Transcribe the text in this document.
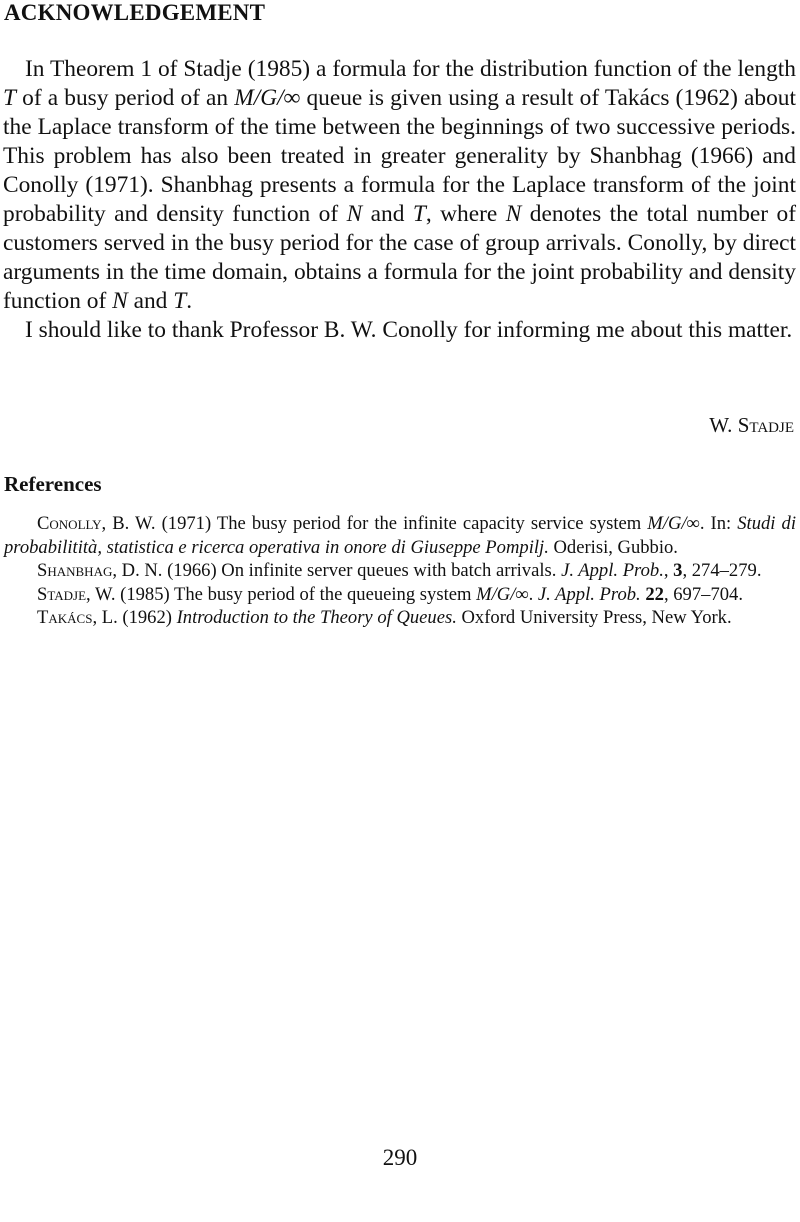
ACKNOWLEDGEMENT

In Theorem 1 of Stadje (1985) a formula for the distribution function of the length T of a busy period of an M/G/∞ queue is given using a result of Takács (1962) about the Laplace transform of the time between the beginnings of two successive periods. This problem has also been treated in greater generality by Shanbhag (1966) and Conolly (1971). Shanbhag presents a formula for the Laplace transform of the joint probability and density function of N and T, where N denotes the total number of customers served in the busy period for the case of group arrivals. Conolly, by direct arguments in the time domain, obtains a formula for the joint probability and density function of N and T.

I should like to thank Professor B. W. Conolly for informing me about this matter.

W. Stadje
References
Conolly, B. W. (1971) The busy period for the infinite capacity service system M/G/∞. In: Studi di probabilitità, statistica e ricerca operativa in onore di Giuseppe Pompilj. Oderisi, Gubbio.
Shanbhag, D. N. (1966) On infinite server queues with batch arrivals. J. Appl. Prob., 3, 274–279.
Stadje, W. (1985) The busy period of the queueing system M/G/∞. J. Appl. Prob. 22, 697–704.
Takács, L. (1962) Introduction to the Theory of Queues. Oxford University Press, New York.
290
